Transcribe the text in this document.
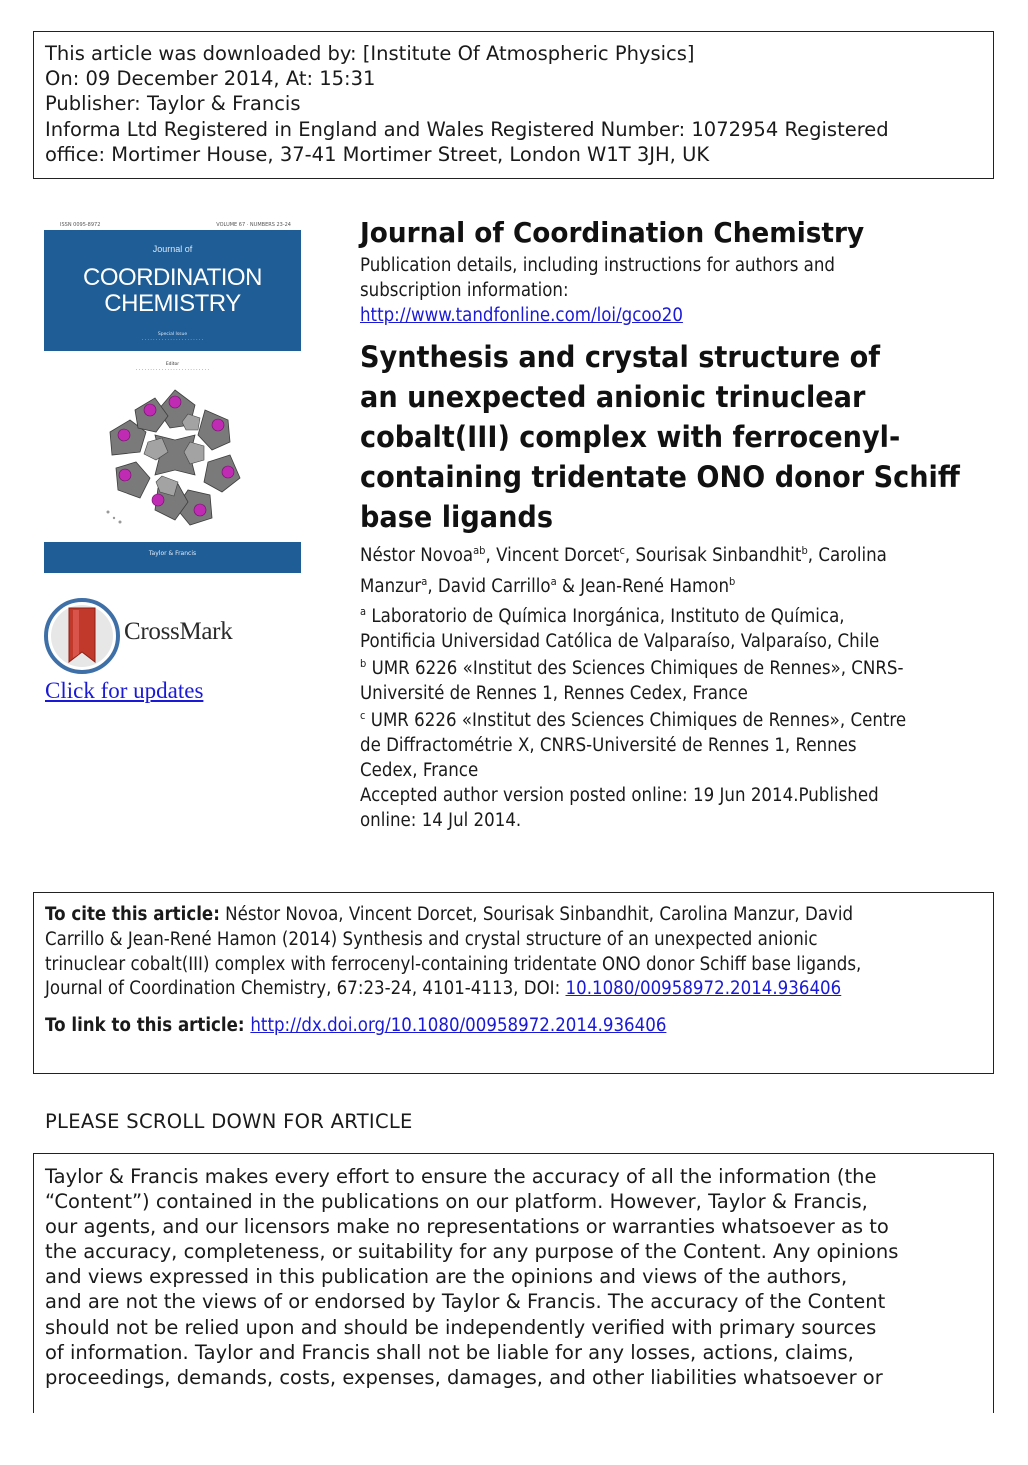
This article was downloaded by: [Institute Of Atmospheric Physics]
On: 09 December 2014, At: 15:31
Publisher: Taylor & Francis
Informa Ltd Registered in England and Wales Registered Number: 1072954 Registered
office: Mortimer House, 37-41 Mortimer Street, London W1T 3JH, UK
ISSN 0095-8972	VOLUME 67 · NUMBERS 23-24
Journal of
COORDINATION
CHEMISTRY
Special Issue
· · · · · · · · · · · · · · · · · · · · · ·
Editor
· · · · · · · · · · · · · · · · · · · · · · · · · ·
Taylor & Francis
CrossMark
Click for updates
Journal of Coordination Chemistry
Publication details, including instructions for authors and
subscription information:
http://www.tandfonline.com/loi/gcoo20
Synthesis and crystal structure of
an unexpected anionic trinuclear
cobalt(III) complex with ferrocenyl-
containing tridentate ONO donor Schiff
base ligands
Néstor Novoa$^{ab}$, Vincent Dorcet$^c$, Sourisak Sinbandhit$^b$, Carolina
Manzur$^a$, David Carrillo$^a$ & Jean-René Hamon$^b$
$^a$ Laboratorio de Química Inorgánica, Instituto de Química,
Pontificia Universidad Católica de Valparaíso, Valparaíso, Chile
$^b$ UMR 6226 «Institut des Sciences Chimiques de Rennes», CNRS-
Université de Rennes 1, Rennes Cedex, France
$^c$ UMR 6226 «Institut des Sciences Chimiques de Rennes», Centre
de Diffractométrie X, CNRS-Université de Rennes 1, Rennes
Cedex, France
Accepted author version posted online: 19 Jun 2014.Published
online: 14 Jul 2014.
To cite this article: Néstor Novoa, Vincent Dorcet, Sourisak Sinbandhit, Carolina Manzur, David
Carrillo & Jean-René Hamon (2014) Synthesis and crystal structure of an unexpected anionic
trinuclear cobalt(III) complex with ferrocenyl-containing tridentate ONO donor Schiff base ligands,
Journal of Coordination Chemistry, 67:23-24, 4101-4113, DOI: 10.1080/00958972.2014.936406
To link to this article: http://dx.doi.org/10.1080/00958972.2014.936406
PLEASE SCROLL DOWN FOR ARTICLE
Taylor & Francis makes every effort to ensure the accuracy of all the information (the
“Content”) contained in the publications on our platform. However, Taylor & Francis,
our agents, and our licensors make no representations or warranties whatsoever as to
the accuracy, completeness, or suitability for any purpose of the Content. Any opinions
and views expressed in this publication are the opinions and views of the authors,
and are not the views of or endorsed by Taylor & Francis. The accuracy of the Content
should not be relied upon and should be independently verified with primary sources
of information. Taylor and Francis shall not be liable for any losses, actions, claims,
proceedings, demands, costs, expenses, damages, and other liabilities whatsoever or
